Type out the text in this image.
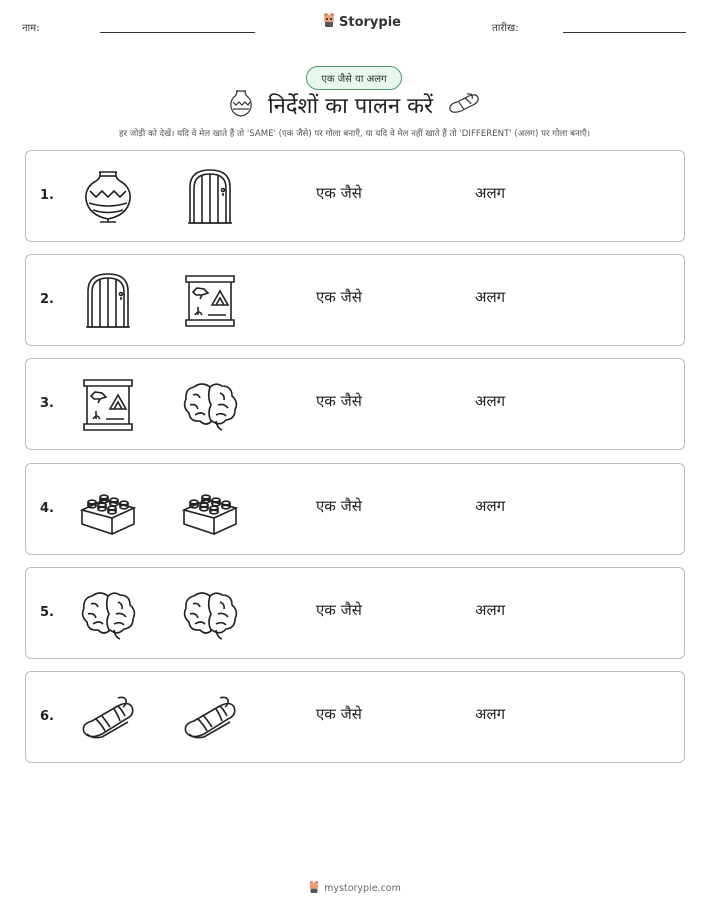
नाम:	तारीख:
Storypie
एक जैसे या अलग
निर्देशों का पालन करें
हर जोड़ी को देखें। यदि वे मेल खाते हैं तो 'SAME' (एक जैसे) पर गोला बनाएँ, या यदि वे मेल नहीं खाते हैं तो 'DIFFERENT' (अलग) पर गोला बनाएँ।
1.	एक जैसे	अलग
2.	एक जैसे	अलग
3.	एक जैसे	अलग
4.	एक जैसे	अलग
5.	एक जैसे	अलग
6.	एक जैसे	अलग
mystorypie.com
